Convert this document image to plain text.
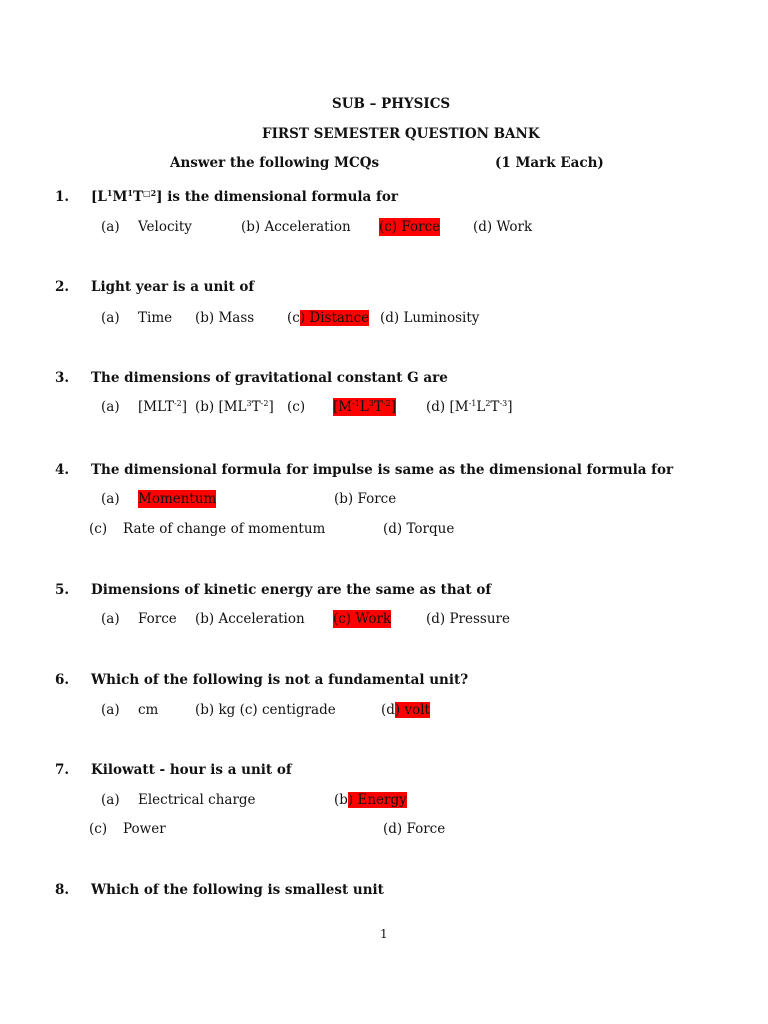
SUB – PHYSICS
FIRST SEMESTER QUESTION BANK
Answer the following MCQs	(1 Mark Each)
1. $[L^1M^1T^{□2}]$ is the dimensional formula for
(a) Velocity	(b) Acceleration (c) Force (d) Work
2. Light year is a unit of
(a) Time (b) Mass (c) Distance (d) Luminosity
3. The dimensions of gravitational constant G are
(a) $[MLT^{-2}]$ (b) $[ML^3T^{-2}]$ (c) $[M^{-1}L^3T^{-2}]$ (d) $[M^{-1}L^2T^{-3}]$
4. The dimensional formula for impulse is same as the dimensional formula for
(a) Momentum	(b) Force
(c) Rate of change of momentum	(d) Torque
5. Dimensions of kinetic energy are the same as that of
(a) Force (b) Acceleration (c) Work	(d) Pressure
6. Which of the following is not a fundamental unit?
(a) cm	(b) kg (c) centigrade	(d) volt
7. Kilowatt - hour is a unit of
(a) Electrical charge	(b) Energy
(c) Power	(d) Force
8. Which of the following is smallest unit
1
